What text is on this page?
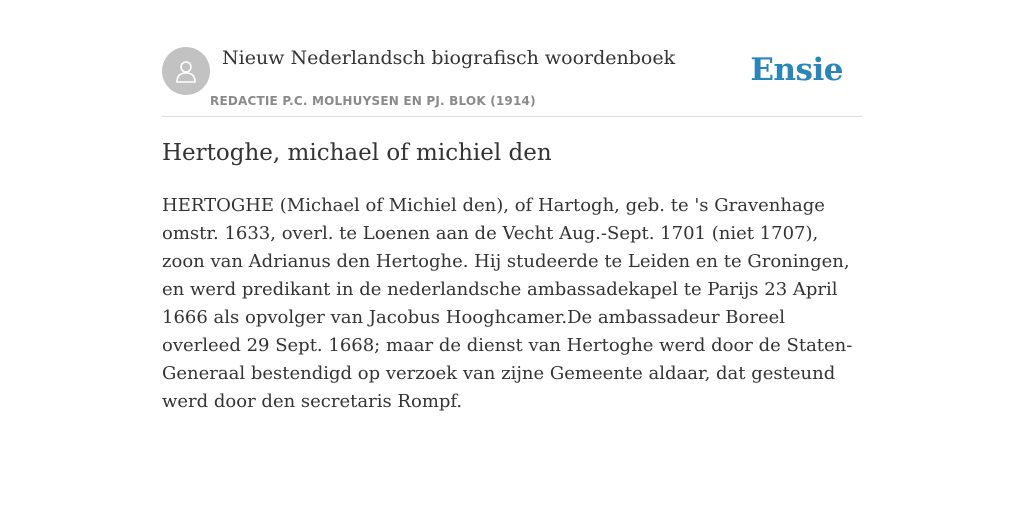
Nieuw Nederlandsch biografisch woordenboek
REDACTIE P.C. MOLHUYSEN EN PJ. BLOK (1914)
Ensie
Hertoghe, michael of michiel den

HERTOGHE (Michael of Michiel den), of Hartogh, geb. te 's Gravenhage omstr. 1633, overl. te Loenen aan de Vecht Aug.-Sept. 1701 (niet 1707), zoon van Adrianus den Hertoghe. Hij studeerde te Leiden en te Groningen, en werd predikant in de nederlandsche ambassadekapel te Parijs 23 April 1666 als opvolger van Jacobus Hooghcamer.De ambassadeur Boreel overleed 29 Sept. 1668; maar de dienst van Hertoghe werd door de Staten-Generaal bestendigd op verzoek van zijne Gemeente aldaar, dat gesteund werd door den secretaris Rompf.
